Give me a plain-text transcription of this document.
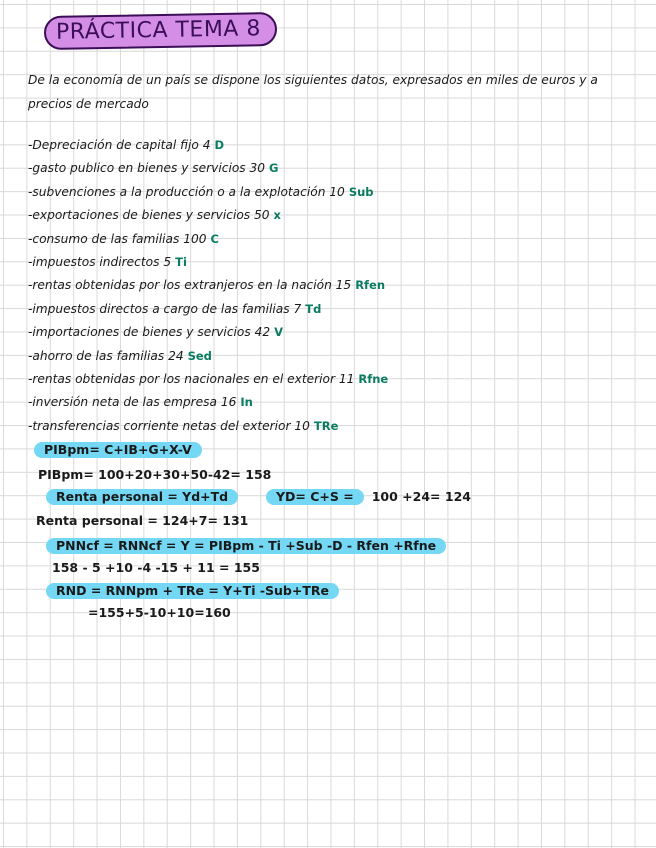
PRÁCTICA TEMA 8
De la economía de un país se dispone los siguientes datos, expresados en miles de euros y a precios de mercado
-Depreciación de capital fijo 4 D
-gasto publico en bienes y servicios 30 G
-subvenciones a la producción o a la explotación 10 Sub
-exportaciones de bienes y servicios 50 x
-consumo de las familias 100 C
-impuestos indirectos 5 Ti
-rentas obtenidas por los extranjeros en la nación 15 Rfen
-impuestos directos a cargo de las familias 7 Td
-importaciones de bienes y servicios 42 V
-ahorro de las familias 24 Sed
-rentas obtenidas por los nacionales en el exterior 11 Rfne
-inversión neta de las empresa 16 In
-transferencias corriente netas del exterior 10 TRe
PIBpm= C+IB+G+X-V
PIBpm= 100+20+30+50-42= 158
Renta personal = Yd+Td	YD= C+S = 100 +24= 124
Renta personal = 124+7= 131
PNNcf = RNNcf = Y = PIBpm - Ti +Sub -D - Rfen +Rfne
158 - 5 +10 -4 -15 + 11 = 155
RND = RNNpm + TRe = Y+Ti -Sub+TRe
=155+5-10+10=160
